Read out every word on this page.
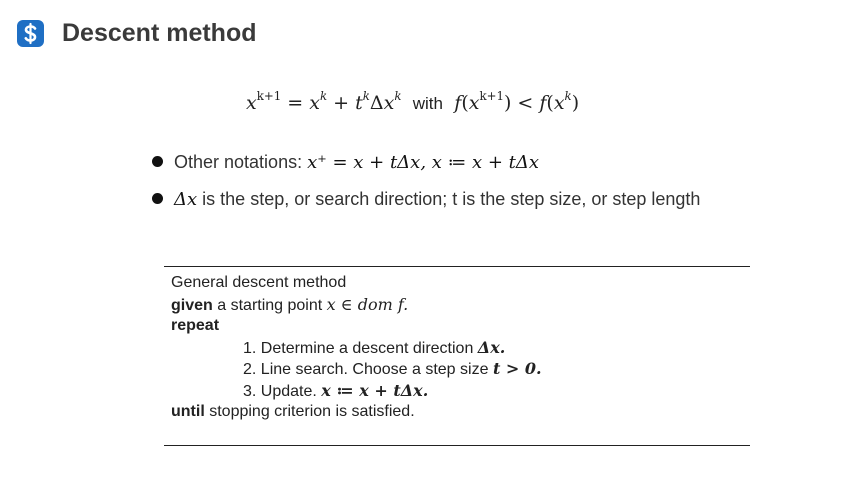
Descent method
$x^{k+1} = x^k + t^k\Delta x^k$ with $f(x^{k+1}) < f(x^k)$
Other notations: x⁺ = x + tΔx, x ≔ x + tΔx
Δx is the step, or search direction; t is the step size, or step length
General descent method
given a starting point x ∈ dom f.
repeat
1. Determine a descent direction Δx.
2. Line search. Choose a step size t > 0.
3. Update. x ≔ x + tΔx.
until stopping criterion is satisfied.
